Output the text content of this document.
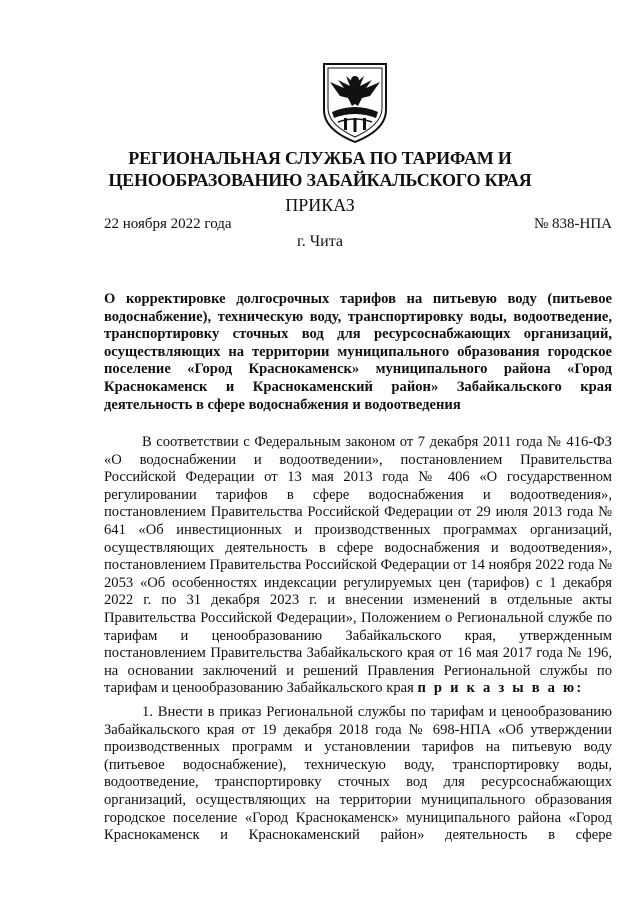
РЕГИОНАЛЬНАЯ СЛУЖБА ПО ТАРИФАМ И
ЦЕНООБРАЗОВАНИЮ ЗАБАЙКАЛЬСКОГО КРАЯ
ПРИКАЗ
22 ноября 2022 года	№ 838-НПА
г. Чита
О корректировке долгосрочных тарифов на питьевую воду (питьевое водоснабжение), техническую воду, транспортировку воды, водоотведение, транспортировку сточных вод для ресурсоснабжающих организаций, осуществляющих на территории муниципального образования городское поселение «Город Краснокаменск» муниципального района «Город Краснокаменск и Краснокаменский район» Забайкальского края деятельность в сфере водоснабжения и водоотведения
В соответствии с Федеральным законом от 7 декабря 2011 года № 416-ФЗ «О водоснабжении и водоотведении», постановлением Правительства Российской Федерации от 13 мая 2013 года № 406 «О государственном регулировании тарифов в сфере водоснабжения и водоотведения», постановлением Правительства Российской Федерации от 29 июля 2013 года № 641 «Об инвестиционных и производственных программах организаций, осуществляющих деятельность в сфере водоснабжения и водоотведения», постановлением Правительства Российской Федерации от 14 ноября 2022 года № 2053 «Об особенностях индексации регулируемых цен (тарифов) с 1 декабря 2022 г. по 31 декабря 2023 г. и внесении изменений в отдельные акты Правительства Российской Федерации», Положением о Региональной службе по тарифам и ценообразованию Забайкальского края, утвержденным постановлением Правительства Забайкальского края от 16 мая 2017 года № 196, на основании заключений и решений Правления Региональной службы по тарифам и ценообразованию Забайкальского края п р и к а з ы в а ю:
1. Внести в приказ Региональной службы по тарифам и ценообразованию Забайкальского края от 19 декабря 2018 года № 698-НПА «Об утверждении производственных программ и установлении тарифов на питьевую воду (питьевое водоснабжение), техническую воду, транспортировку воды, водоотведение, транспортировку сточных вод для ресурсоснабжающих организаций, осуществляющих на территории муниципального образования городское поселение «Город Краснокаменск» муниципального района «Город Краснокаменск и Краснокаменский район» деятельность в сфере
